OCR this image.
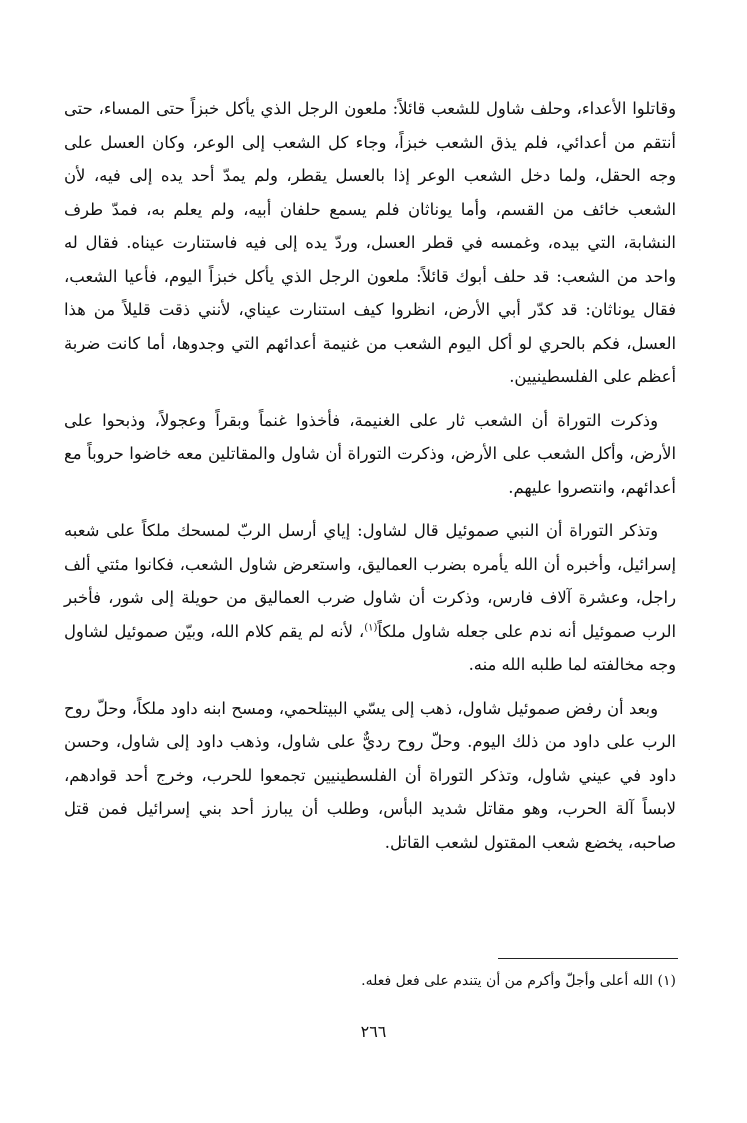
وقاتلوا الأعداء، وحلف شاول للشعب قائلاً: ملعون الرجل الذي يأكل خبزاً حتى المساء، حتى أنتقم من أعدائي، فلم يذق الشعب خبزاً، وجاء كل الشعب إلى الوعر، وكان العسل على وجه الحقل، ولما دخل الشعب الوعر إذا بالعسل يقطر، ولم يمدّ أحد يده إلى فيه، لأن الشعب خائف من القسم، وأما يوناثان فلم يسمع حلفان أبيه، ولم يعلم به، فمدّ طرف النشابة، التي بيده، وغمسه في قطر العسل، وردّ يده إلى فيه فاستنارت عيناه. فقال له واحد من الشعب: قد حلف أبوك قائلاً: ملعون الرجل الذي يأكل خبزاً اليوم، فأعيا الشعب، فقال يوناثان: قد كدّر أبي الأرض، انظروا كيف استنارت عيناي، لأنني ذقت قليلاً من هذا العسل، فكم بالحري لو أكل اليوم الشعب من غنيمة أعدائهم التي وجدوها، أما كانت ضربة أعظم على الفلسطينيين.

وذكرت التوراة أن الشعب ثار على الغنيمة، فأخذوا غنماً وبقراً وعجولاً، وذبحوا على الأرض، وأكل الشعب على الأرض، وذكرت التوراة أن شاول والمقاتلين معه خاضوا حروباً مع أعدائهم، وانتصروا عليهم.

وتذكر التوراة أن النبي صموئيل قال لشاول: إياي أرسل الربّ لمسحك ملكاً على شعبه إسرائيل، وأخبره أن الله يأمره بضرب العماليق، واستعرض شاول الشعب، فكانوا مئتي ألف راجل، وعشرة آلاف فارس، وذكرت أن شاول ضرب العماليق من حويلة إلى شور، فأخبر الرب صموئيل أنه ندم على جعله شاول ملكاً$^{(١)}$، لأنه لم يقم كلام الله، وبيّن صموئيل لشاول وجه مخالفته لما طلبه الله منه.

وبعد أن رفض صموئيل شاول، ذهب إلى يسّي البيتلحمي، ومسح ابنه داود ملكاً، وحلّ روح الرب على داود من ذلك اليوم. وحلّ روح رديٌّ على شاول، وذهب داود إلى شاول، وحسن داود في عيني شاول، وتذكر التوراة أن الفلسطينيين تجمعوا للحرب، وخرج أحد قوادهم، لابساً آلة الحرب، وهو مقاتل شديد البأس، وطلب أن يبارز أحد بني إسرائيل فمن قتل صاحبه، يخضع شعب المقتول لشعب القاتل.

(١) الله أعلى وأجلّ وأكرم من أن يتندم على فعل فعله.
٢٦٦
